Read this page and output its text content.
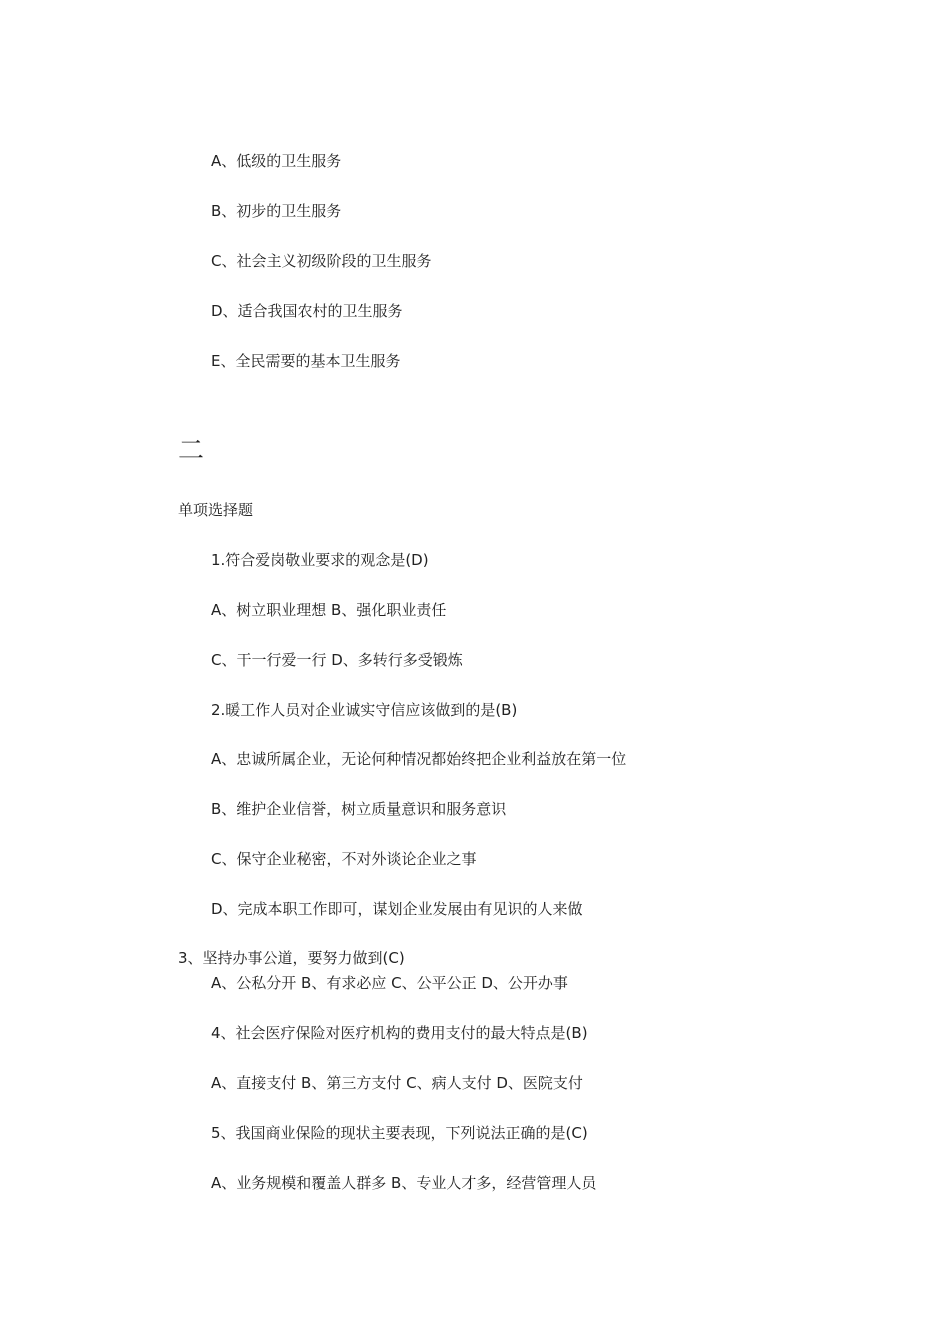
A、低级的卫生服务
B、初步的卫生服务
C、社会主义初级阶段的卫生服务
D、适合我国农村的卫生服务
E、全民需要的基本卫生服务
二
单项选择题
1.符合爱岗敬业要求的观念是(D)
A、树立职业理想 B、强化职业责任
C、干一行爱一行 D、多转行多受锻炼
2.暖工作人员对企业诚实守信应该做到的是(B)
A、忠诚所属企业，无论何种情况都始终把企业利益放在第一位
B、维护企业信誉，树立质量意识和服务意识
C、保守企业秘密，不对外谈论企业之事
D、完成本职工作即可，谋划企业发展由有见识的人来做
3、坚持办事公道，要努力做到(C)
A、公私分开 B、有求必应 C、公平公正 D、公开办事
4、社会医疗保险对医疗机构的费用支付的最大特点是(B)
A、直接支付 B、第三方支付 C、病人支付 D、医院支付
5、我国商业保险的现状主要表现，下列说法正确的是(C)
A、业务规模和覆盖人群多 B、专业人才多，经营管理人员
